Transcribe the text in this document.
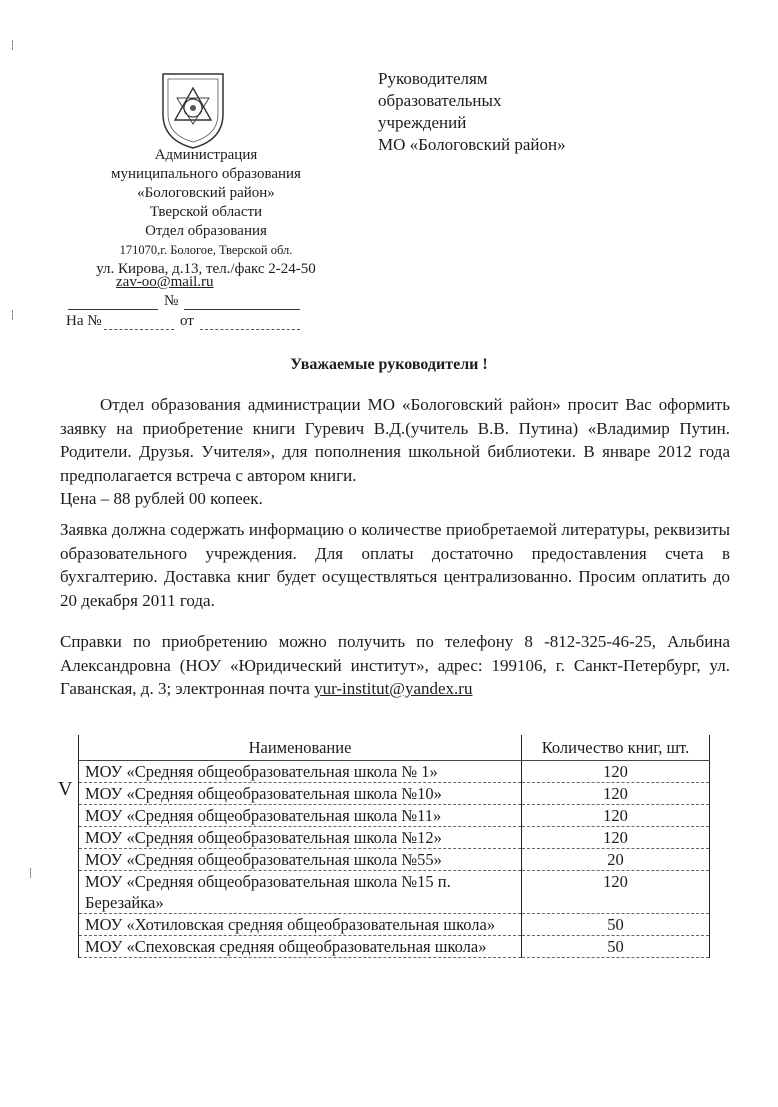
Администрация
муниципального образования
«Бологовский район»
Тверской области
Отдел образования
171070,г. Бологое, Тверской обл.
ул. Кирова, д.13, тел./факс 2-24-50
zav-oo@mail.ru
№
На №	от
Руководителям
образовательных
учреждений
МО «Бологовский район»
Уважаемые руководители !

Отдел образования администрации МО «Бологовский район» просит Вас оформить заявку на приобретение книги Гуревич В.Д.(учитель В.В. Путина) «Владимир Путин. Родители. Друзья. Учителя», для пополнения школьной библиотеки. В январе 2012 года предполагается встреча с автором книги.

Цена – 88 рублей 00 копеек.

Заявка должна содержать информацию о количестве приобретаемой литературы, реквизиты образовательного учреждения. Для оплаты достаточно предоставления счета в бухгалтерию. Доставка книг будет осуществляться централизованно. Просим оплатить до 20 декабря 2011 года.

Справки по приобретению можно получить по телефону 8 -812-325-46-25, Альбина Александровна (НОУ «Юридический институт», адрес: 199106, г. Санкт-Петербург, ул. Гаванская, д. 3; электронная почта yur-institut@yandex.ru

V
Наименование	Количество книг, шт.
МОУ «Средняя общеобразовательная школа № 1»	120
МОУ «Средняя общеобразовательная школа №10»	120
МОУ «Средняя общеобразовательная школа №11»	120
МОУ «Средняя общеобразовательная школа №12»	120
МОУ «Средняя общеобразовательная школа №55»	20
МОУ «Средняя общеобразовательная школа №15 п. Березайка»	120
МОУ «Хотиловская средняя общеобразовательная школа»	50
МОУ «Спеховская средняя общеобразовательная школа»	50
